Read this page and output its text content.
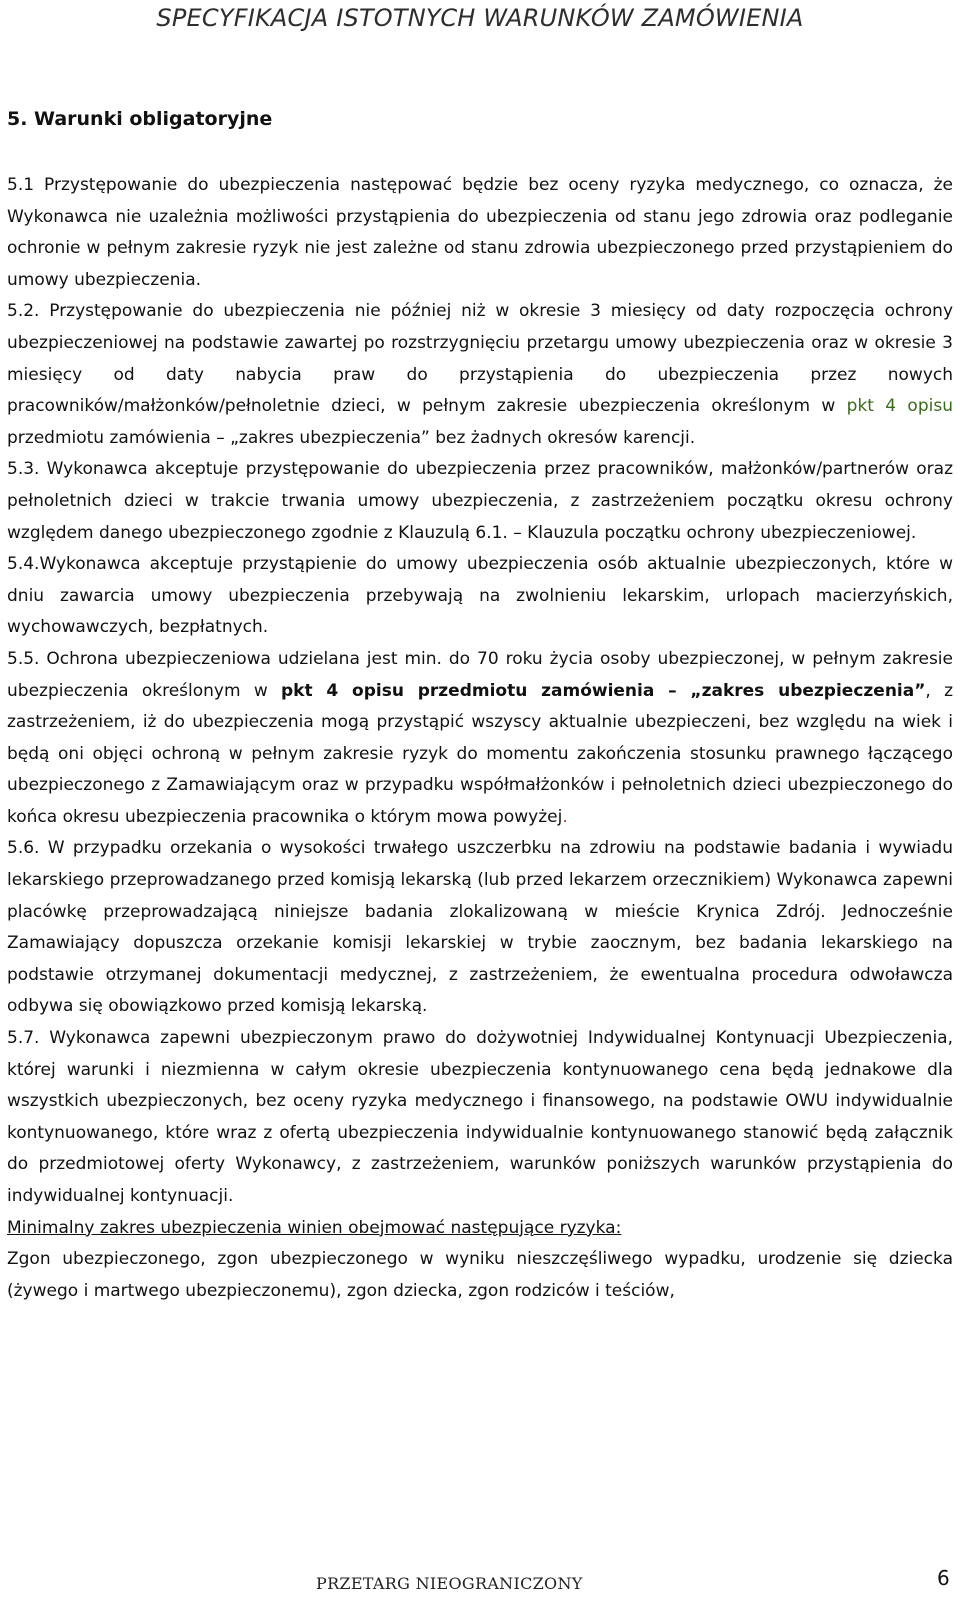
SPECYFIKACJA ISTOTNYCH WARUNKÓW ZAMÓWIENIA
5. Warunki obligatoryjne

5.1 Przystępowanie do ubezpieczenia następować będzie bez oceny ryzyka medycznego, co oznacza, że Wykonawca nie uzależnia możliwości przystąpienia do ubezpieczenia od stanu jego zdrowia oraz podleganie ochronie w pełnym zakresie ryzyk nie jest zależne od stanu zdrowia ubezpieczonego przed przystąpieniem do umowy ubezpieczenia.

5.2. Przystępowanie do ubezpieczenia nie później niż w okresie 3 miesięcy od daty rozpoczęcia ochrony ubezpieczeniowej na podstawie zawartej po rozstrzygnięciu przetargu umowy ubezpieczenia oraz w okresie 3 miesięcy od daty nabycia praw do przystąpienia do ubezpieczenia przez nowych pracowników/małżonków/pełnoletnie dzieci, w pełnym zakresie ubezpieczenia określonym w pkt 4 opisu przedmiotu zamówienia – „zakres ubezpieczenia” bez żadnych okresów karencji.

5.3. Wykonawca akceptuje przystępowanie do ubezpieczenia przez pracowników, małżonków/partnerów oraz pełnoletnich dzieci w trakcie trwania umowy ubezpieczenia, z zastrzeżeniem początku okresu ochrony względem danego ubezpieczonego zgodnie z Klauzulą 6.1. – Klauzula początku ochrony ubezpieczeniowej.

5.4.Wykonawca akceptuje przystąpienie do umowy ubezpieczenia osób aktualnie ubezpieczonych, które w dniu zawarcia umowy ubezpieczenia przebywają na zwolnieniu lekarskim, urlopach macierzyńskich, wychowawczych, bezpłatnych.

5.5. Ochrona ubezpieczeniowa udzielana jest min. do 70 roku życia osoby ubezpieczonej, w pełnym zakresie ubezpieczenia określonym w pkt 4 opisu przedmiotu zamówienia – „zakres ubezpieczenia”, z zastrzeżeniem, iż do ubezpieczenia mogą przystąpić wszyscy aktualnie ubezpieczeni, bez względu na wiek i będą oni objęci ochroną w pełnym zakresie ryzyk do momentu zakończenia stosunku prawnego łączącego ubezpieczonego z Zamawiającym oraz w przypadku współmałżonków i pełnoletnich dzieci ubezpieczonego do końca okresu ubezpieczenia pracownika o którym mowa powyżej.

5.6. W przypadku orzekania o wysokości trwałego uszczerbku na zdrowiu na podstawie badania i wywiadu lekarskiego przeprowadzanego przed komisją lekarską (lub przed lekarzem orzecznikiem) Wykonawca zapewni placówkę przeprowadzającą niniejsze badania zlokalizowaną w mieście Krynica Zdrój. Jednocześnie Zamawiający dopuszcza orzekanie komisji lekarskiej w trybie zaocznym, bez badania lekarskiego na podstawie otrzymanej dokumentacji medycznej, z zastrzeżeniem, że ewentualna procedura odwoławcza odbywa się obowiązkowo przed komisją lekarską.

5.7. Wykonawca zapewni ubezpieczonym prawo do dożywotniej Indywidualnej Kontynuacji Ubezpieczenia, której warunki i niezmienna w całym okresie ubezpieczenia kontynuowanego cena będą jednakowe dla wszystkich ubezpieczonych, bez oceny ryzyka medycznego i finansowego, na podstawie OWU indywidualnie kontynuowanego, które wraz z ofertą ubezpieczenia indywidualnie kontynuowanego stanowić będą załącznik do przedmiotowej oferty Wykonawcy, z zastrzeżeniem, warunków poniższych warunków przystąpienia do indywidualnej kontynuacji.

Minimalny zakres ubezpieczenia winien obejmować następujące ryzyka:

Zgon ubezpieczonego, zgon ubezpieczonego w wyniku nieszczęśliwego wypadku, urodzenie się dziecka (żywego i martwego ubezpieczonemu), zgon dziecka, zgon rodziców i teściów,

PRZETARG NIEOGRANICZONY	6
